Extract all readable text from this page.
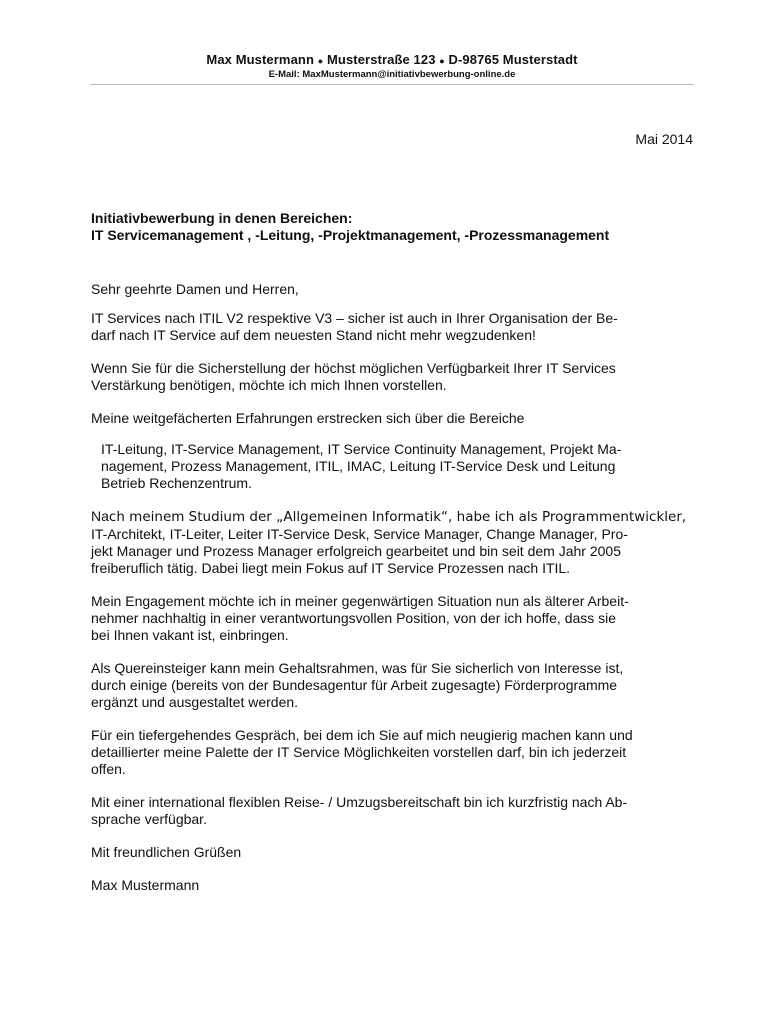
Max Mustermann ● Musterstraße 123 ● D-98765 Musterstadt
E-Mail: MaxMustermann@initiativbewerbung-online.de
Mai 2014
Initiativbewerbung in denen Bereichen:
IT Servicemanagement , -Leitung, -Projektmanagement, -Prozessmanagement

Sehr geehrte Damen und Herren,

IT Services nach ITIL V2 respektive V3 – sicher ist auch in Ihrer Organisation der Be-
darf nach IT Service auf dem neuesten Stand nicht mehr wegzudenken!

Wenn Sie für die Sicherstellung der höchst möglichen Verfügbarkeit Ihrer IT Services
Verstärkung benötigen, möchte ich mich Ihnen vorstellen.

Meine weitgefächerten Erfahrungen erstrecken sich über die Bereiche

IT-Leitung, IT-Service Management, IT Service Continuity Management, Projekt Ma-
nagement, Prozess Management, ITIL, IMAC, Leitung IT-Service Desk und Leitung
Betrieb Rechenzentrum.

Nach meinem Studium der „Allgemeinen Informatik“, habe ich als Programmentwickler,
IT-Architekt, IT-Leiter, Leiter IT-Service Desk, Service Manager, Change Manager, Pro-
jekt Manager und Prozess Manager erfolgreich gearbeitet und bin seit dem Jahr 2005
freiberuflich tätig. Dabei liegt mein Fokus auf IT Service Prozessen nach ITIL.

Mein Engagement möchte ich in meiner gegenwärtigen Situation nun als älterer Arbeit-
nehmer nachhaltig in einer verantwortungsvollen Position, von der ich hoffe, dass sie
bei Ihnen vakant ist, einbringen.

Als Quereinsteiger kann mein Gehaltsrahmen, was für Sie sicherlich von Interesse ist,
durch einige (bereits von der Bundesagentur für Arbeit zugesagte) Förderprogramme
ergänzt und ausgestaltet werden.

Für ein tiefergehendes Gespräch, bei dem ich Sie auf mich neugierig machen kann und
detaillierter meine Palette der IT Service Möglichkeiten vorstellen darf, bin ich jederzeit
offen.

Mit einer international flexiblen Reise- / Umzugsbereitschaft bin ich kurzfristig nach Ab-
sprache verfügbar.

Mit freundlichen Grüßen

Max Mustermann
